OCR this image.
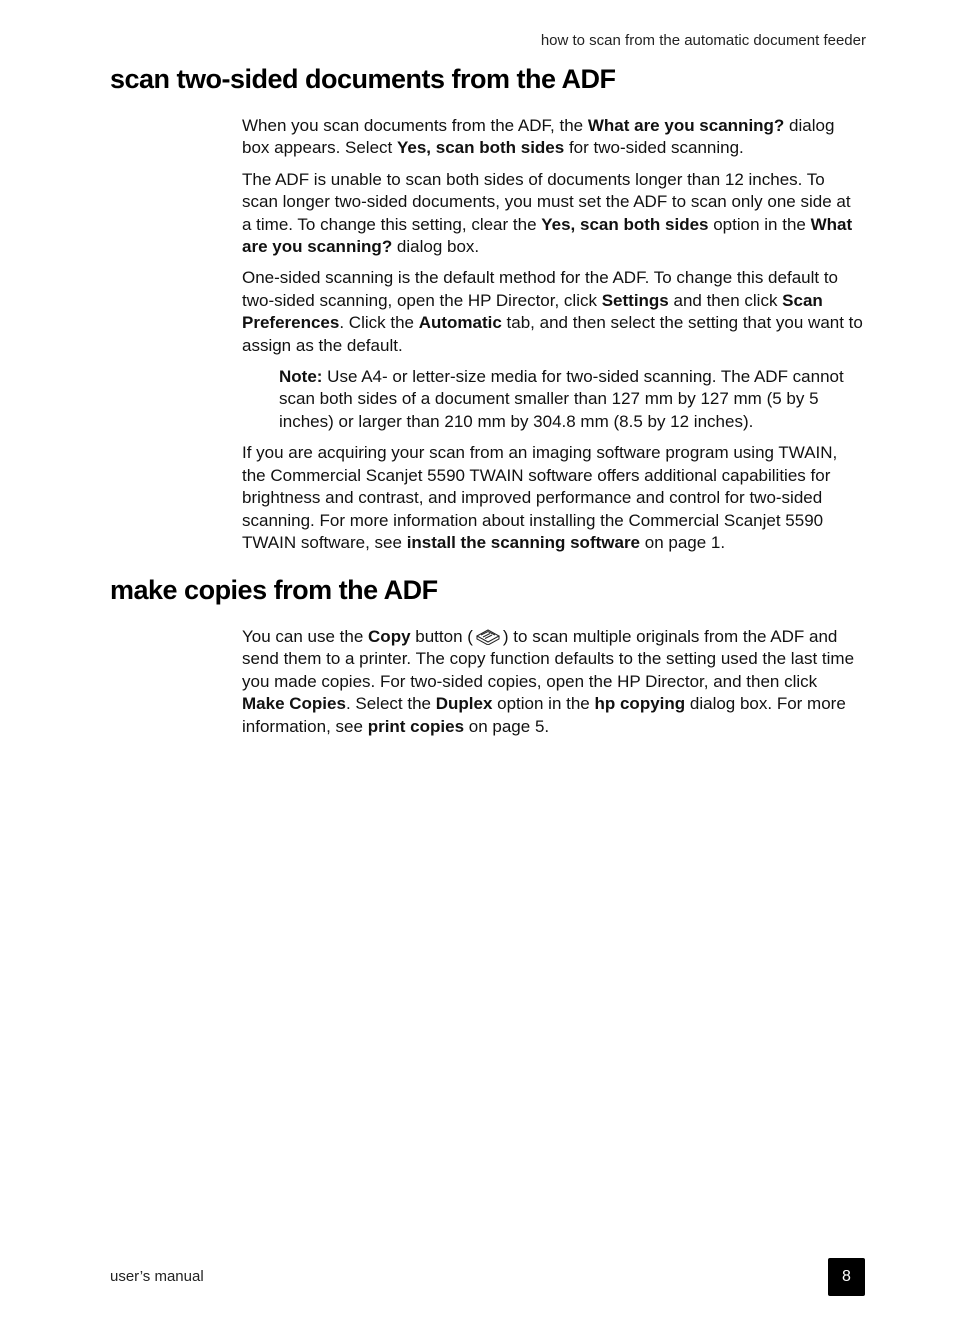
how to scan from the automatic document feeder
scan two-sided documents from the ADF

When you scan documents from the ADF, the What are you scanning? dialog box appears. Select Yes, scan both sides for two-sided scanning.

The ADF is unable to scan both sides of documents longer than 12 inches. To scan longer two-sided documents, you must set the ADF to scan only one side at a time. To change this setting, clear the Yes, scan both sides option in the What are you scanning? dialog box.

One-sided scanning is the default method for the ADF. To change this default to two-sided scanning, open the HP Director, click Settings and then click Scan Preferences. Click the Automatic tab, and then select the setting that you want to assign as the default.

Note: Use A4- or letter-size media for two-sided scanning. The ADF cannot scan both sides of a document smaller than 127 mm by 127 mm (5 by 5 inches) or larger than 210 mm by 304.8 mm (8.5 by 12 inches).

If you are acquiring your scan from an imaging software program using TWAIN, the Commercial Scanjet 5590 TWAIN software offers additional capabilities for brightness and contrast, and improved performance and control for two-sided scanning. For more information about installing the Commercial Scanjet 5590 TWAIN software, see install the scanning software on page 1.

make copies from the ADF

You can use the Copy button ( ) to scan multiple originals from the ADF and send them to a printer. The copy function defaults to the setting used the last time you made copies. For two-sided copies, open the HP Director, and then click Make Copies. Select the Duplex option in the hp copying dialog box. For more information, see print copies on page 5.

user’s manual	8
